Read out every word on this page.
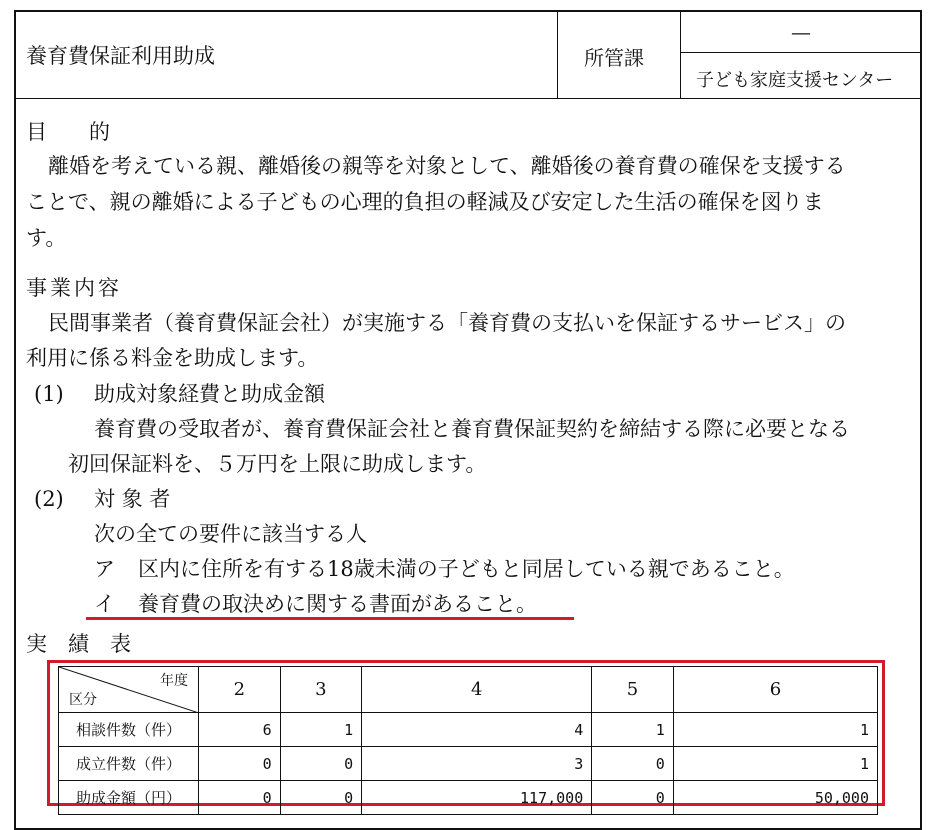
養育費保証利用助成	所管課
—
子ども家庭支援センター
目　　的
離婚を考えている親、離婚後の親等を対象として、離婚後の養育費の確保を支援する
ことで、親の離婚による子どもの心理的負担の軽減及び安定した生活の確保を図りま
す。
事業内容
民間事業者（養育費保証会社）が実施する「養育費の支払いを保証するサービス」の
利用に係る料金を助成します。
(1) 助成対象経費と助成金額
養育費の受取者が、養育費保証会社と養育費保証契約を締結する際に必要となる
初回保証料を、５万円を上限に助成します。
(2) 対 象 者
次の全ての要件に該当する人
ア 区内に住所を有する18歳未満の子どもと同居している親であること。
イ 養育費の取決めに関する書面があること。
実　績　表
年度
区分	2	3	4	5	6
相談件数（件）	6	1	4	1	1
成立件数（件）	0	0	3	0	1
助成金額（円）	0	0	117,000	0	50,000
